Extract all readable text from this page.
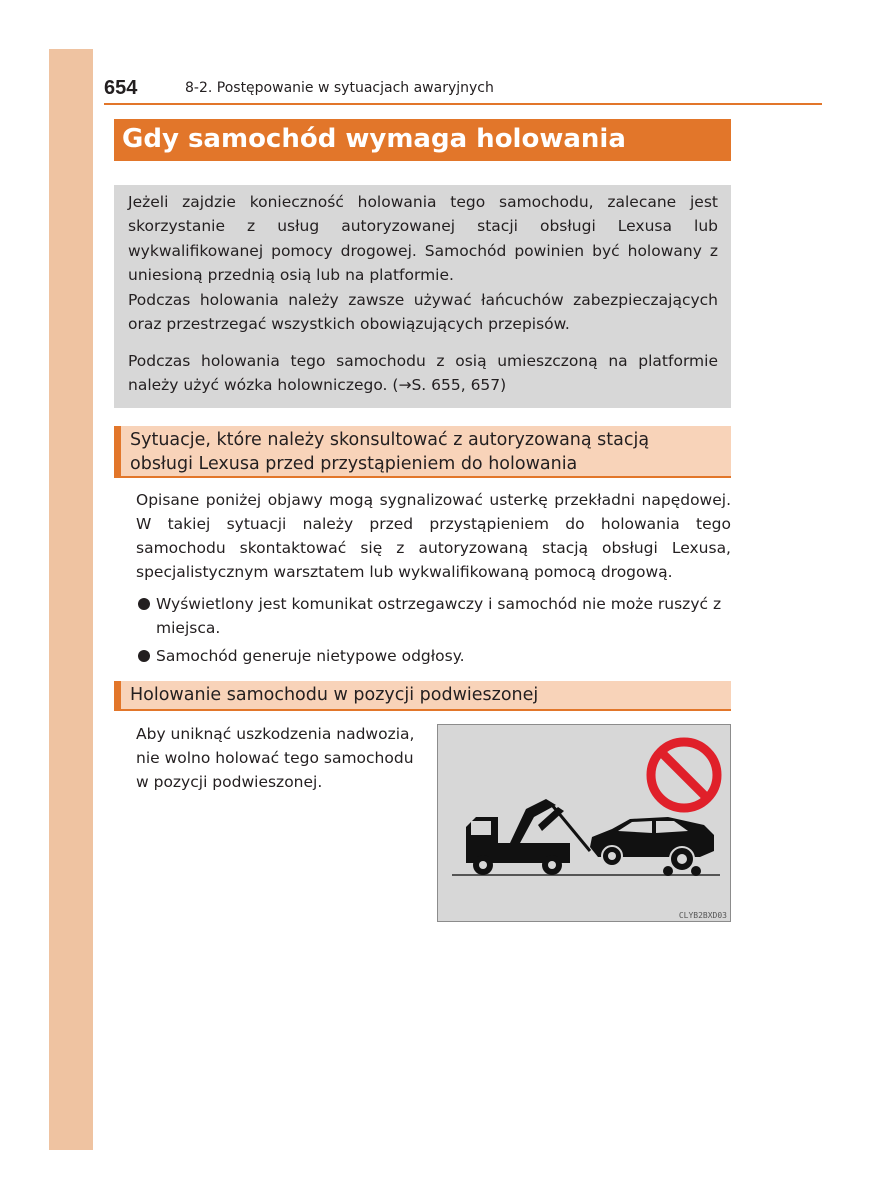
654	8-2. Postępowanie w sytuacjach awaryjnych
Gdy samochód wymaga holowania

Jeżeli zajdzie konieczność holowania tego samochodu, zalecane jest skorzystanie z usług autoryzowanej stacji obsługi Lexusa lub wykwalifikowanej pomocy drogowej. Samochód powinien być holowany z uniesioną przednią osią lub na platformie.

Podczas holowania należy zawsze używać łańcuchów zabezpieczających oraz przestrzegać wszystkich obowiązujących przepisów.

Podczas holowania tego samochodu z osią umieszczoną na platformie należy użyć wózka holowniczego. (→S. 655, 657)

Sytuacje, które należy skonsultować z autoryzowaną stacją
obsługi Lexusa przed przystąpieniem do holowania

Opisane poniżej objawy mogą sygnalizować usterkę przekładni napędowej. W takiej sytuacji należy przed przystąpieniem do holowania tego samochodu skontaktować się z autoryzowaną stacją obsługi Lexusa, specjalistycznym warsztatem lub wykwalifikowaną pomocą drogową.

Wyświetlony jest komunikat ostrzegawczy i samochód nie może ruszyć z miejsca.
Samochód generuje nietypowe odgłosy.
Holowanie samochodu w pozycji podwieszonej

Aby uniknąć uszkodzenia nadwozia, nie wolno holować tego samochodu w pozycji podwieszonej.

CLYB2BXD03
